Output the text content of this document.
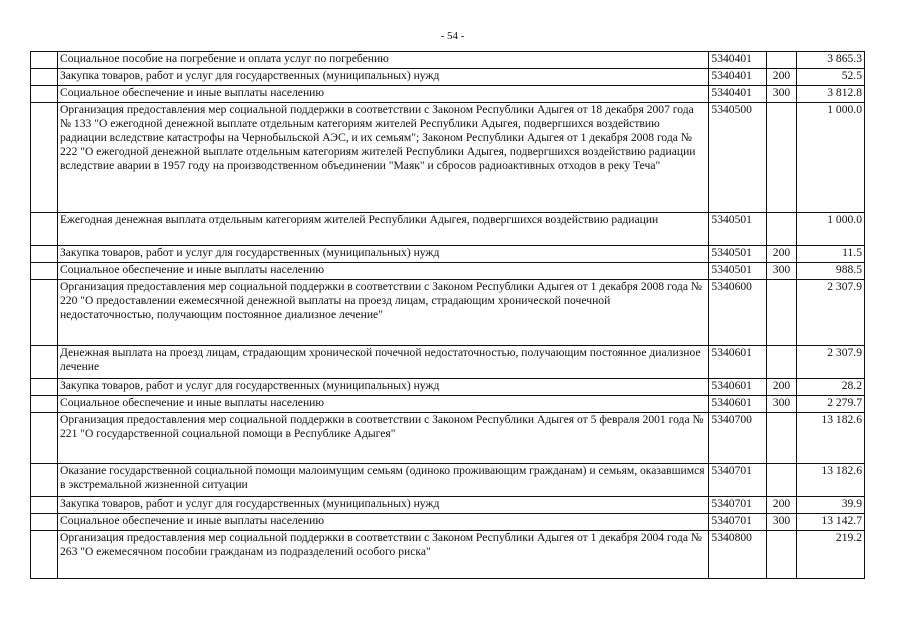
- 54 -
	Социальное пособие на погребение и оплата услуг по погребению	5340401		3 865.3
	Закупка товаров, работ и услуг для государственных (муниципальных) нужд	5340401	200	52.5
	Социальное обеспечение и иные выплаты населению	5340401	300	3 812.8
	Организация предоставления мер социальной поддержки в соответствии с Законом Республики Адыгея от 18 декабря 2007 года № 133 "О ежегодной денежной выплате отдельным категориям жителей Республики Адыгея, подвергшихся воздействию радиации вследствие катастрофы на Чернобыльской АЭС, и их семьям"; Законом Республики Адыгея от 1 декабря 2008 года № 222 "О ежегодной денежной выплате отдельным категориям жителей Республики Адыгея, подвергшихся воздействию радиации вследствие аварии в 1957 году на производственном объединении "Маяк" и сбросов радиоактивных отходов в реку Теча"	5340500		1 000.0
	Ежегодная денежная выплата отдельным категориям жителей Республики Адыгея, подвергшихся воздействию радиации	5340501		1 000.0
	Закупка товаров, работ и услуг для государственных (муниципальных) нужд	5340501	200	11.5
	Социальное обеспечение и иные выплаты населению	5340501	300	988.5
	Организация предоставления мер социальной поддержки в соответствии с Законом Республики Адыгея от 1 декабря 2008 года № 220 "О предоставлении ежемесячной денежной выплаты на проезд лицам, страдающим хронической почечной недостаточностью, получающим постоянное диализное лечение"	5340600		2 307.9
	Денежная выплата на проезд лицам, страдающим хронической почечной недостаточностью, получающим постоянное диализное лечение	5340601		2 307.9
	Закупка товаров, работ и услуг для государственных (муниципальных) нужд	5340601	200	28.2
	Социальное обеспечение и иные выплаты населению	5340601	300	2 279.7
	Организация предоставления мер социальной поддержки в соответствии с Законом Республики Адыгея от 5 февраля 2001 года № 221 "О государственной социальной помощи в Республике Адыгея"	5340700		13 182.6
	Оказание государственной социальной помощи малоимущим семьям (одиноко проживающим гражданам) и семьям, оказавшимся в экстремальной жизненной ситуации	5340701		13 182.6
	Закупка товаров, работ и услуг для государственных (муниципальных) нужд	5340701	200	39.9
	Социальное обеспечение и иные выплаты населению	5340701	300	13 142.7
	Организация предоставления мер социальной поддержки в соответствии с Законом Республики Адыгея от 1 декабря 2004 года № 263 "О ежемесячном пособии гражданам из подразделений особого риска"	5340800		219.2
